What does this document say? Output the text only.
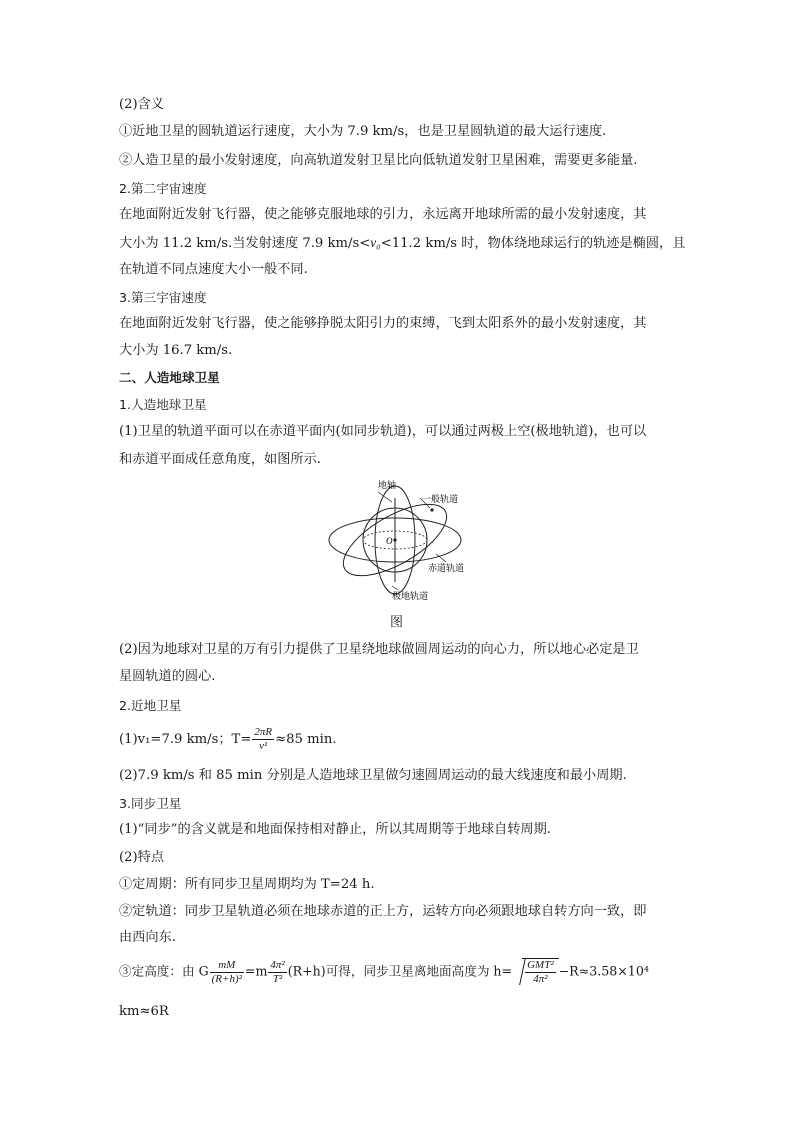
(2)含义
①近地卫星的圆轨道运行速度，大小为 7.9 km/s，也是卫星圆轨道的最大运行速度.
②人造卫星的最小发射速度，向高轨道发射卫星比向低轨道发射卫星困难，需要更多能量.
2.第二宇宙速度
在地面附近发射飞行器，使之能够克服地球的引力，永远离开地球所需的最小发射速度，其
大小为 11.2 km/s.当发射速度 7.9 km/s<v₀<11.2 km/s 时，物体绕地球运行的轨迹是椭圆，且
在轨道不同点速度大小一般不同.
3.第三宇宙速度
在地面附近发射飞行器，使之能够挣脱太阳引力的束缚，飞到太阳系外的最小发射速度，其
大小为 16.7 km/s.
二、人造地球卫星
1.人造地球卫星
(1)卫星的轨道平面可以在赤道平面内(如同步轨道)，可以通过两极上空(极地轨道)，也可以
和赤道平面成任意角度，如图所示.
地轴
一般轨道
O
赤道轨道
极地轨道
图
(2)因为地球对卫星的万有引力提供了卫星绕地球做圆周运动的向心力，所以地心必定是卫
星圆轨道的圆心.
2.近地卫星
(1)v₁=7.9 km/s；$T= \frac{2\pi R}{\text{v¹}} \approx 85$ min.
(2)7.9 km/s 和 85 min 分别是人造地球卫星做匀速圆周运动的最大线速度和最小周期.
3.同步卫星
(1)“同步”的含义就是和地面保持相对静止，所以其周期等于地球自转周期.
(2)特点
①定周期：所有同步卫星周期均为 T=24 h.
②定轨道：同步卫星轨道必须在地球赤道的正上方，运转方向必须跟地球自转方向一致，即
由西向东.
③定高度：由 G $\frac{mM}{\text{(R+h)²}} =m \frac{\text{4π²}}{\text{T²}} (R+h)$可得，同步卫星离地面高度为 $h= \frac{\text{GMT²}}{\text{4π²}} -R\approx 3.58\times 10^4$
km≈6R
